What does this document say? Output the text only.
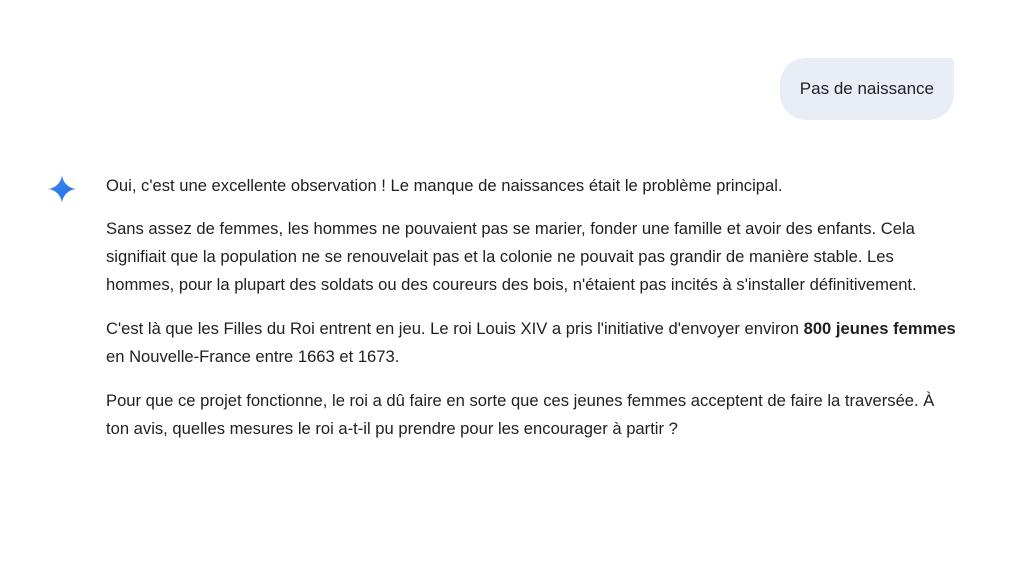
Pas de naissance

Oui, c'est une excellente observation ! Le manque de naissances était le problème principal.

Sans assez de femmes, les hommes ne pouvaient pas se marier, fonder une famille et avoir des enfants. Cela signifiait que la population ne se renouvelait pas et la colonie ne pouvait pas grandir de manière stable. Les hommes, pour la plupart des soldats ou des coureurs des bois, n'étaient pas incités à s'installer définitivement.

C'est là que les Filles du Roi entrent en jeu. Le roi Louis XIV a pris l'initiative d'envoyer environ 800 jeunes femmes en Nouvelle-France entre 1663 et 1673.

Pour que ce projet fonctionne, le roi a dû faire en sorte que ces jeunes femmes acceptent de faire la traversée. À ton avis, quelles mesures le roi a-t-il pu prendre pour les encourager à partir ?
